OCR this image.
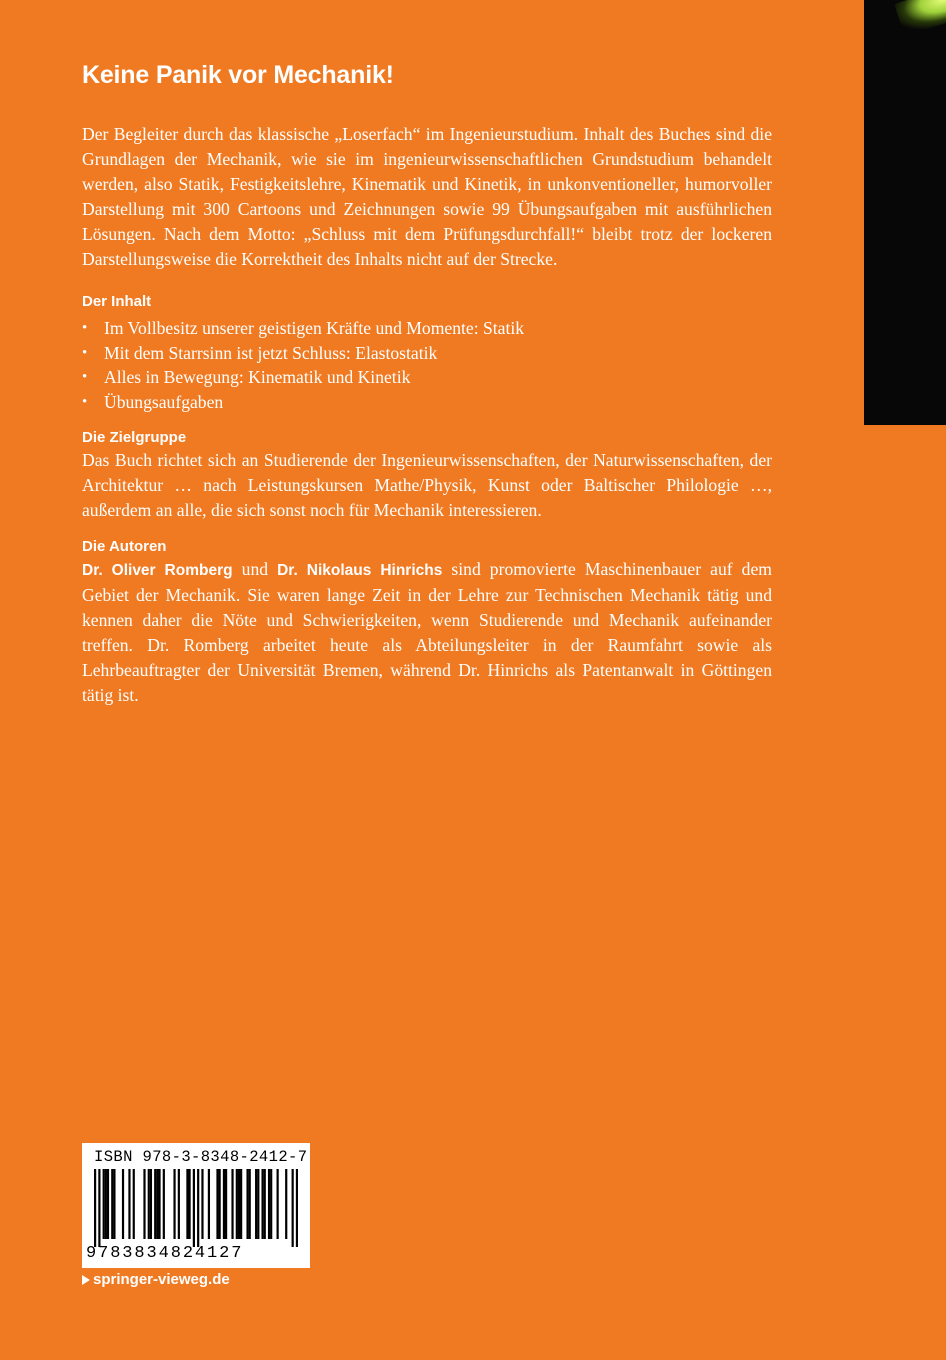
Keine Panik vor Mechanik!

Der Begleiter durch das klassische „Loserfach“ im Ingenieurstudium. Inhalt des Buches sind die Grundlagen der Mechanik, wie sie im ingenieurwissenschaftlichen Grundstudium behandelt werden, also Statik, Festigkeitslehre, Kinematik und Kinetik, in unkonventioneller, humorvoller Darstellung mit 300 Cartoons und Zeichnungen sowie 99 Übungsaufgaben mit ausführlichen Lösungen. Nach dem Motto: „Schluss mit dem Prüfungsdurchfall!“ bleibt trotz der lockeren Darstellungsweise die Korrektheit des Inhalts nicht auf der Strecke.

Der Inhalt
• Im Vollbesitz unserer geistigen Kräfte und Momente: Statik
• Mit dem Starrsinn ist jetzt Schluss: Elastostatik
• Alles in Bewegung: Kinematik und Kinetik
• Übungsaufgaben
Die Zielgruppe

Das Buch richtet sich an Studierende der Ingenieurwissenschaften, der Naturwissenschaften, der Architektur … nach Leistungskursen Mathe/Physik, Kunst oder Baltischer Philologie …, außerdem an alle, die sich sonst noch für Mechanik interessieren.

Die Autoren

Dr. Oliver Romberg und Dr. Nikolaus Hinrichs sind promovierte Maschinenbauer auf dem Gebiet der Mechanik. Sie waren lange Zeit in der Lehre zur Technischen Mechanik tätig und kennen daher die Nöte und Schwierigkeiten, wenn Studierende und Mechanik aufeinander treffen. Dr. Romberg arbeitet heute als Abteilungsleiter in der Raumfahrt sowie als Lehrbeauftragter der Universität Bremen, während Dr. Hinrichs als Patentanwalt in Göttingen tätig ist.

ISBN 978-3-8348-2412-7
9783834824127
springer-vieweg.de
